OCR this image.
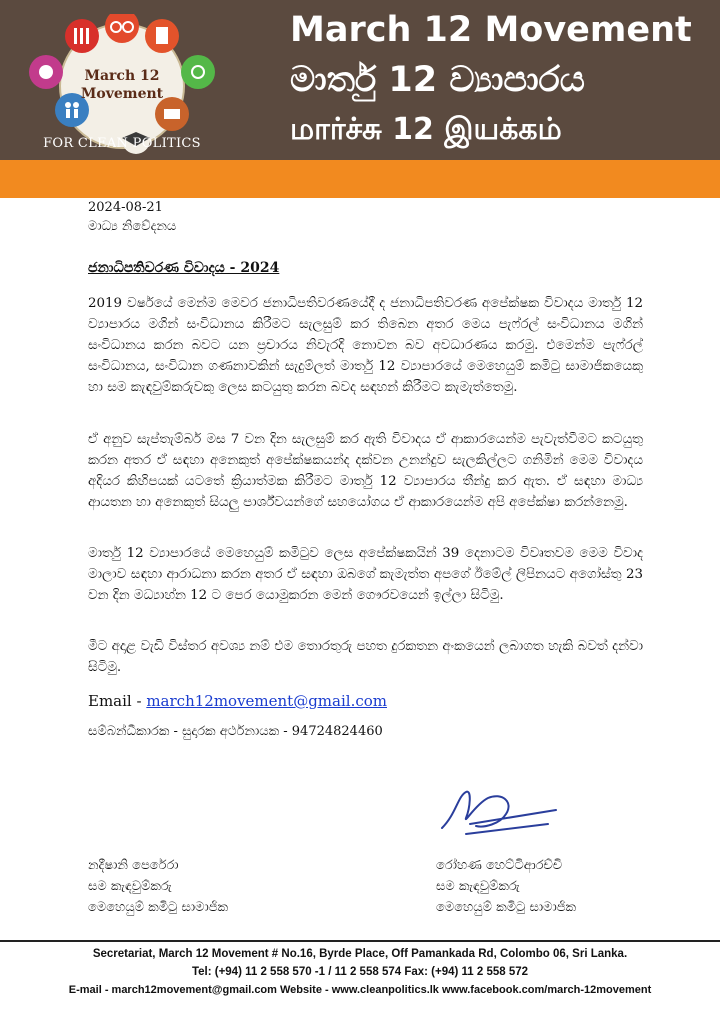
March 12
Movement
FOR CLEAN POLITICS
March 12 Movement
මාර්තු 12 ව්‍යාපාරය
மார்ச்சு 12 இயக்கம்
2024-08-21
මාධ්‍ය නිවේදනය
ජනාධිපතිවරණ විවාදය - 2024

2019 වර්ෂයේ මෙන්ම මෙවර ජනාධිපතිවරණයේදී ද ජනාධිපතිවරණ අපේක්ෂක විවාදය මාර්තු 12 ව්‍යාපාරය මගින් සංවිධානය කිරීමට සැලසුම් කර තිබෙන අතර මෙය පැෆ්රල් සංවිධානය මගින් සංවිධානය කරන බවට යන ප්‍රචාරය නිවැරදි නොවන බව අවධාරණය කරමු. එමෙන්ම පැෆ්රල් සංවිධානය, සංවිධාන ගණනාවකින් සැදුම්ලත් මාර්තු 12 ව්‍යාපාරයේ මෙහෙයුම් කමිටු සාමාජිකයෙකු හා සම කැඳවුම්කරුවකු ලෙස කටයුතු කරන බවද සඳහන් කිරීමට කැමැත්තෙමු.

ඒ අනුව සැප්තැම්බර් මස 7 වන දින සැලසුම් කර ඇති විවාදය ඒ ආකාරයෙන්ම පැවැත්වීමට කටයුතු කරන අතර ඒ සඳහා අනෙකුත් අපේක්ෂකයන්ද දක්වන උනන්දුව සැලකිල්ලට ගනිමින් මෙම විවාදය අදියර කිහිපයක් යටතේ ක්‍රියාත්මක කිරීමට මාර්තු 12 ව්‍යාපාරය තීන්දු කර ඇත. ඒ සඳහා මාධ්‍ය ආයතන හා අනෙකුත් සියලු පාර්ශ්වයන්ගේ සහයෝගය ඒ ආකාරයෙන්ම අපි අපේක්ෂා කරන්නෙමු.

මාර්තු 12 ව්‍යාපාරයේ මෙහෙයුම් කමිටුව ලෙස අපේක්ෂකයින් 39 දෙනාටම විවෘතවම මෙම විවාද මාලාව සඳහා ආරාධනා කරන අතර ඒ සඳහා ඔබගේ කැමැත්ත අපගේ ඊමේල් ලිපිනයට අගෝස්තු 23 වන දින මධ්‍යාහ්න 12 ට පෙර යොමුකරන මෙන් ගෞරවයෙන් ඉල්ලා සිටිමු.

මීට අදාළ වැඩි විස්තර අවශ්‍ය නම් එම තොරතුරු පහත දුරකතන අංකයෙන් ලබාගත හැකි බවත් දන්වා සිටිමු.

Email - march12movement@gmail.com
සම්බන්ධීකාරක - සුදාරක අර්ථනායක - 94724824460
නදීෂානි පෙරේරා
සම කැඳවුම්කරු
මෙහෙයුම් කමිටු සාමාජික
රෝහණ හෙට්ටිආරච්චි
සම කැඳවුම්කරු
මෙහෙයුම් කමිටු සාමාජික
Secretariat, March 12 Movement # No.16, Byrde Place, Off Pamankada Rd, Colombo 06, Sri Lanka.
Tel: (+94) 11 2 558 570 -1 / 11 2 558 574 Fax: (+94) 11 2 558 572
E-mail - march12movement@gmail.com Website - www.cleanpolitics.lk www.facebook.com/march-12movement
